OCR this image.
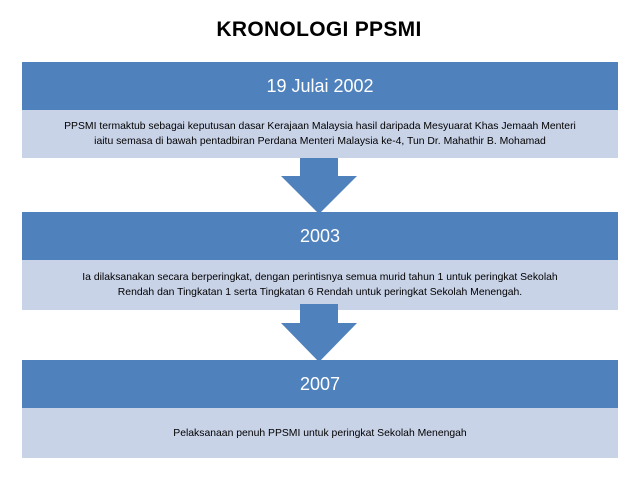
KRONOLOGI PPSMI
19 Julai 2002
PPSMI termaktub sebagai keputusan dasar Kerajaan Malaysia hasil daripada Mesyuarat Khas Jemaah Menteri
iaitu semasa di bawah pentadbiran Perdana Menteri Malaysia ke-4, Tun Dr. Mahathir B. Mohamad
2003
Ia dilaksanakan secara berperingkat, dengan perintisnya semua murid tahun 1 untuk peringkat Sekolah
Rendah dan Tingkatan 1 serta Tingkatan 6 Rendah untuk peringkat Sekolah Menengah.
2007
Pelaksanaan penuh PPSMI untuk peringkat Sekolah Menengah
